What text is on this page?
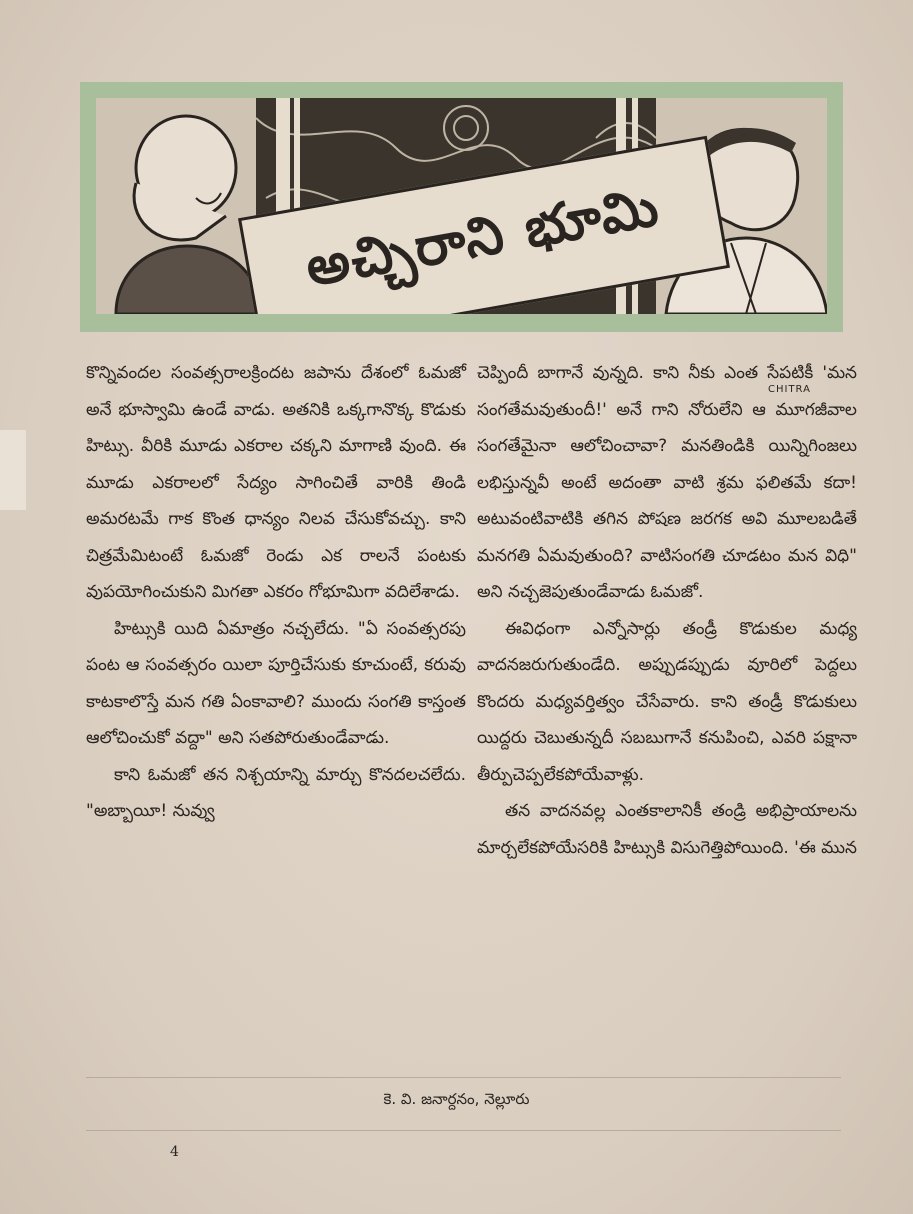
అచ్చిరాని భూమి
CHITRA

కొన్నివందల సంవత్సరాలక్రిందట జపాను దేశంలో ఓమజో అనే భూస్వామి ఉండే వాడు. అతనికి ఒక్కగానొక్క కొడుకు హిట్సు. వీరికి మూడు ఎకరాల చక్కని మాగాణి వుంది. ఈ మూడు ఎకరాలలో సేద్యం సాగించితే వారికి తిండి అమరటమే గాక కొంత ధాన్యం నిలవ చేసుకోవచ్చు. కాని చిత్రమేమిటంటే ఓమజో రెండు ఎక రాలనే పంటకు వుపయోగించుకుని మిగతా ఎకరం గోభూమిగా వదిలేశాడు.

హిట్సుకి యిది ఏమాత్రం నచ్చలేదు. "ఏ సంవత్సరపు పంట ఆ సంవత్సరం యిలా పూర్తిచేసుకు కూచుంటే, కరువు కాటకాలొస్తే మన గతి ఏంకావాలి? ముందు సంగతి కాస్తంత ఆలోచించుకో వద్దా" అని సతపోరుతుండేవాడు.

కాని ఓమజో తన నిశ్చయాన్ని మార్చు కొనదలచలేదు. "అబ్బాయీ! నువ్వు

చెప్పిందీ బాగానే వున్నది. కాని నీకు ఎంత సేపటికీ 'మన సంగతేమవుతుందీ!' అనే గాని నోరులేని ఆ మూగజీవాల సంగతేమైనా ఆలోచించావా? మనతిండికి యిన్నిగింజలు లభిస్తున్నవీ అంటే అదంతా వాటి శ్రమ ఫలితమే కదా! అటువంటివాటికి తగిన పోషణ జరగక అవి మూలబడితే మనగతి ఏమవుతుంది? వాటిసంగతి చూడటం మన విధి" అని నచ్చజెపుతుండేవాడు ఓమజో.

ఈవిధంగా ఎన్నోసార్లు తండ్రీ కొడుకుల మధ్య వాదనజరుగుతుండేది. అప్పుడప్పుడు వూరిలో పెద్దలు కొందరు మధ్యవర్తిత్వం చేసేవారు. కాని తండ్రీ కొడుకులు యిద్దరు చెబుతున్నదీ సబబుగానే కనుపించి, ఎవరి పక్షానా తీర్పుచెప్పలేకపోయేవాళ్లు.

తన వాదనవల్ల ఎంతకాలానికీ తండ్రి అభిప్రాయాలను మార్చలేకపోయేసరికి హిట్సుకి విసుగెత్తిపోయింది. 'ఈ మున

కె. వి. జనార్దనం, నెల్లూరు
4
